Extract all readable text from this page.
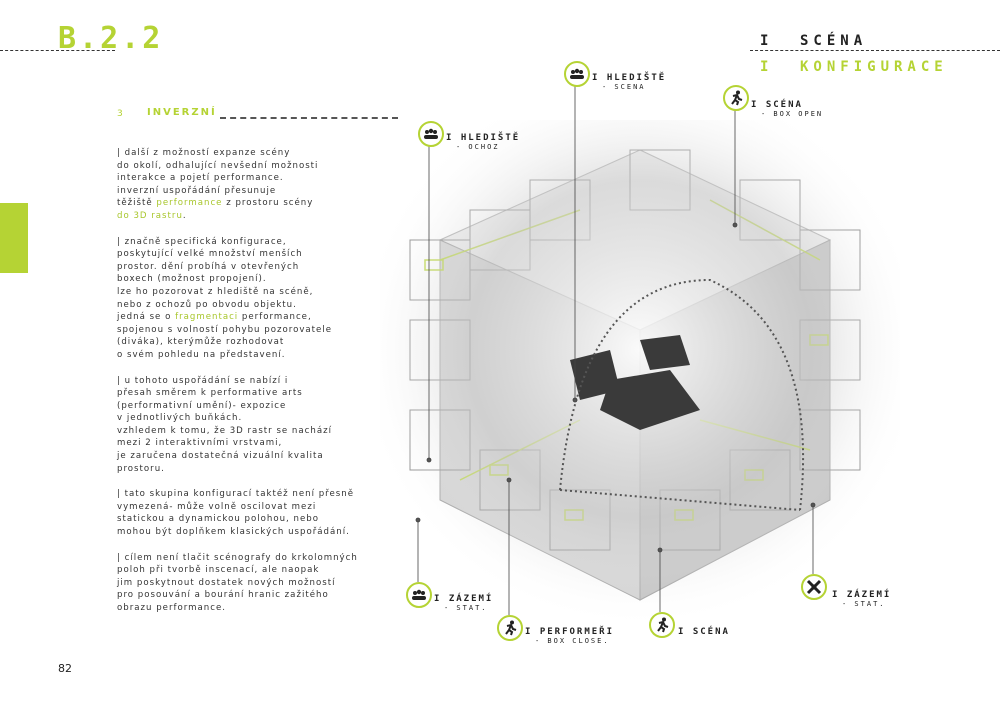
B.2.2	I SCÉNA
I KONFIGURACE
3 INVERZNÍ

| další z možností expanze scény
do okolí, odhalující nevšední možnosti
interakce a pojetí performance.
inverzní uspořádání přesunuje
těžiště performance z prostoru scény
do 3D rastru.

| značně specifická konfigurace,
poskytující velké množství menších
prostor. dění probíhá v otevřených
boxech (možnost propojení).
lze ho pozorovat z hlediště na scéně,
nebo z ochozů po obvodu objektu.
jedná se o fragmentaci performance,
spojenou s volností pohybu pozorovatele
(diváka), kterýmůže rozhodovat
o svém pohledu na představení.

| u tohoto uspořádání se nabízí i
přesah směrem k performative arts
(performativní umění)- expozice
v jednotlivých buňkách.
vzhledem k tomu, že 3D rastr se nachází
mezi 2 interaktivními vrstvami,
je zaručena dostatečná vizuální kvalita
prostoru.

| tato skupina konfigurací taktéž není přesně
vymezená- může volně oscilovat mezi
statickou a dynamickou polohou, nebo
mohou být doplňkem klasických uspořádání.

| cílem není tlačit scénografy do krkolomných
poloh při tvorbě inscenací, ale naopak
jim poskytnout dostatek nových možností
pro posouvání a bourání hranic zažitého
obrazu performance.

82
I HLEDIŠTĚ
- SCENA
I HLEDIŠTĚ
- OCHOZ
I SCÉNA
- BOX OPEN
I ZÁZEMÍ
- STAT.
I PERFORMEŘI
- BOX CLOSE.
I SCÉNA
I ZÁZEMÍ
- STAT.
